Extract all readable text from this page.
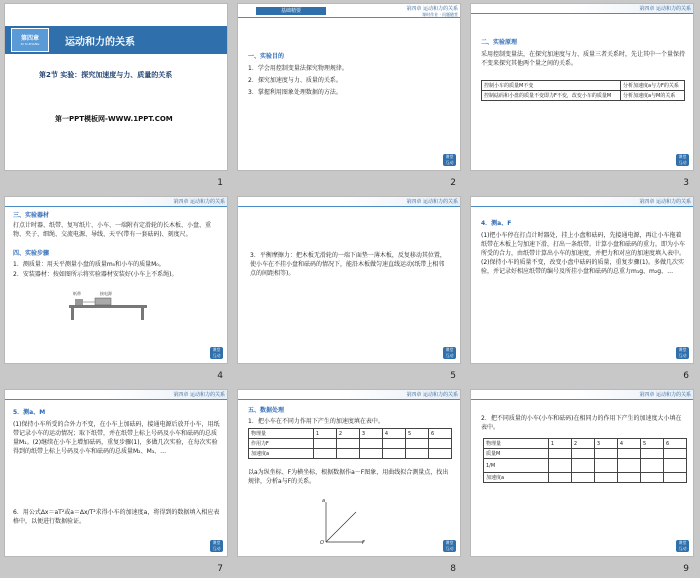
第四章
DI SI ZHANG	运动和力的关系
第2节 实验：探究加速度与力、质量的关系
第一PPT模板网-WWW.1PPT.COM
1
基础精要	第四章 运动和力的关系
课时作业 · 问题随堂
一、实验目的
1．学会用控制变量法探究物理规律。
2．探究加速度与力、质量的关系。
3．掌握利用图象处理数据的方法。
课堂 互动
2
第四章 运动和力的关系
二、实验原理
采用控制变量法，在探究加速度与力、质量三者关系时，先让其中一个量保持不变来探究其他两个量之间的关系。
控制小车的质量M不变	分析加速度a与力F的关系
控制砝码和小盘的质量不变即力F不变，改变小车的质量M	分析加速度a与M的关系
课堂 互动
3
第四章 运动和力的关系
三、实验器材
打点计时器、纸带、复写纸片、小车、一端附有定滑轮的长木板、小盘、重物、夹子、细绳、交流电源、导线、天平(带有一套砝码)、刻度尺。
四、实验步骤
1．测质量：用天平测量小盘的质量m₀和小车的质量M₀。
2．安装器材：按如图所示将实验器材安装好(小车上不系绳)。
纸带	接电源
课堂 互动
4
第四章 运动和力的关系
3．平衡摩擦力：把木板无滑轮的一端下面垫一薄木板，反复移动其位置，使小车在不挂小盘和砝码的情况下，能沿木板做匀速直线运动(纸带上相邻点的间距相等)。
课堂 互动
5
第四章 运动和力的关系
4．测a、F
(1)把小车停在打点计时器处，挂上小盘和砝码，先接通电源，再让小车拖着纸带在木板上匀加速下滑，打出一条纸带。计算小盘和砝码的重力，即为小车所受的合力，由纸带计算出小车的加速度，并把力和对应的加速度填入表中。(2)保持小车的质量不变，改变小盘中砝码的质量，重复步骤(1)。多做几次实验，并记录好相应纸带的编号及所挂小盘和砝码的总重力m₁g、m₂g、…
课堂 互动
6
第四章 运动和力的关系
5．测a、M
(1)保持小车所受的合外力不变，在小车上加砝码，接通电源后放开小车，用纸带记录小车的运动情况；取下纸带，并在纸带上标上号码及小车和砝码的总质量M₁。(2)继续在小车上增加砝码，重复步骤(1)，多做几次实验，在每次实验得到的纸带上标上号码及小车和砝码的总质量M₂、M₃、…
6．用公式Δx＝aT²或a＝Δx/T²求得小车的加速度a，将得到的数据填入相应表格中，以便进行数据验证。
课堂 互动
7
第四章 运动和力的关系
五、数据处理
1．把小车在不同力作用下产生的加速度填在表中。
物理量	1	2	3	4	5	6
作用力F						
加速度a						
以a为纵坐标、F为横坐标，根据数据作a－F图象，用曲线拟合测量点，找出规律，分析a与F的关系。
a
F
O	课堂 互动
8
第四章 运动和力的关系
2．把不同质量的小车(小车和砝码)在相同力的作用下产生的加速度大小填在表中。
物理量	1	2	3	4	5	6
质量M						
1/M						
加速度a						
课堂 互动
9
